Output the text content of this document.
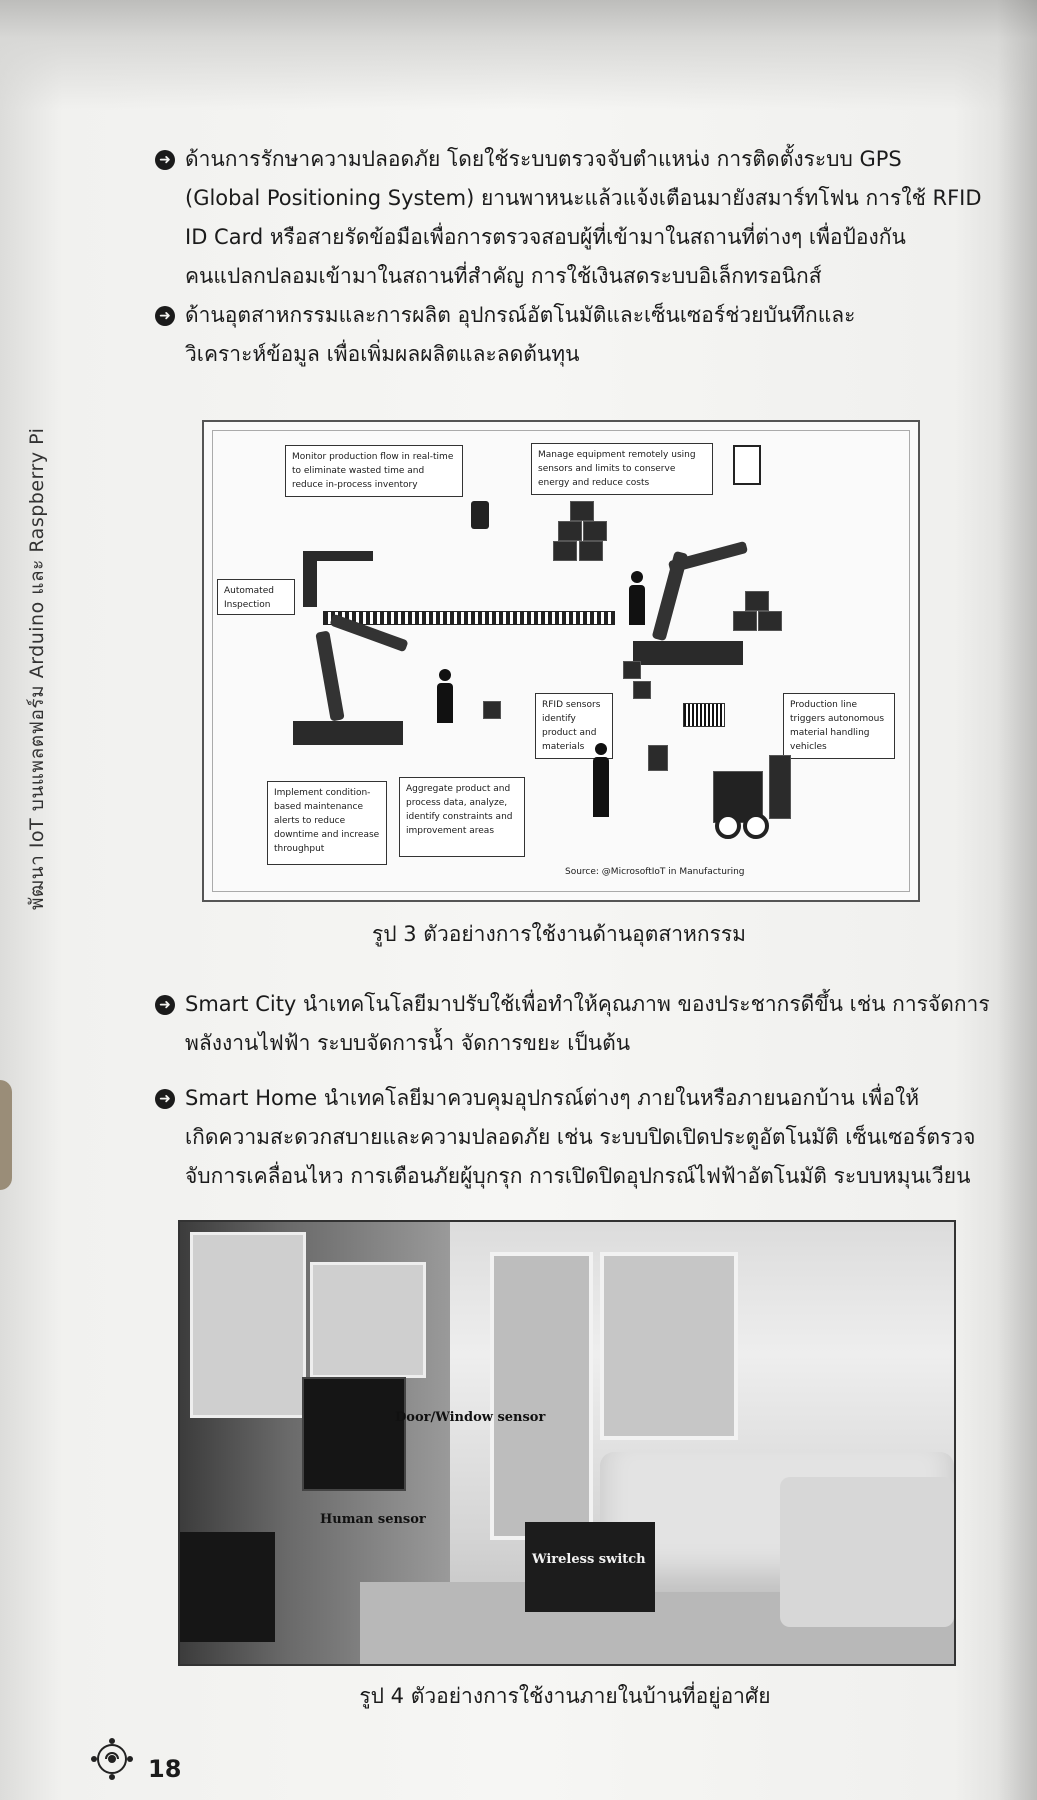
พัฒนา IoT บนแพลตฟอร์ม Arduino และ Raspberry Pi
➜ ด้านการรักษาความปลอดภัย โดยใช้ระบบตรวจจับตำแหน่ง การติดตั้งระบบ GPS
(Global Positioning System) ยานพาหนะแล้วแจ้งเตือนมายังสมาร์ทโฟน การใช้ RFID
ID Card หรือสายรัดข้อมือเพื่อการตรวจสอบผู้ที่เข้ามาในสถานที่ต่างๆ เพื่อป้องกัน
คนแปลกปลอมเข้ามาในสถานที่สำคัญ การใช้เงินสดระบบอิเล็กทรอนิกส์
➜ ด้านอุตสาหกรรมและการผลิต อุปกรณ์อัตโนมัติและเซ็นเซอร์ช่วยบันทึกและ
วิเคราะห์ข้อมูล เพื่อเพิ่มผลผลิตและลดต้นทุน
Monitor production flow in real-time to eliminate wasted time and reduce in-process inventory
Manage equipment remotely using sensors and limits to conserve energy and reduce costs
Automated Inspection
RFID sensors identify product and materials
Production line triggers autonomous material handling vehicles
Implement condition-based maintenance alerts to reduce downtime and increase throughput
Aggregate product and process data, analyze, identify constraints and improvement areas
Source: @MicrosoftIoT in Manufacturing
รูป 3 ตัวอย่างการใช้งานด้านอุตสาหกรรม
➜ Smart City นำเทคโนโลยีมาปรับใช้เพื่อทำให้คุณภาพ ของประชากรดีขึ้น เช่น การจัดการ
พลังงานไฟฟ้า ระบบจัดการน้ำ จัดการขยะ เป็นต้น
➜ Smart Home นำเทคโลยีมาควบคุมอุปกรณ์ต่างๆ ภายในหรือภายนอกบ้าน เพื่อให้
เกิดความสะดวกสบายและความปลอดภัย เช่น ระบบปิดเปิดประตูอัตโนมัติ เซ็นเซอร์ตรวจ
จับการเคลื่อนไหว การเตือนภัยผู้บุกรุก การเปิดปิดอุปกรณ์ไฟฟ้าอัตโนมัติ ระบบหมุนเวียน
Door/Window sensor
Human sensor
Wireless switch
รูป 4 ตัวอย่างการใช้งานภายในบ้านที่อยู่อาศัย
18
